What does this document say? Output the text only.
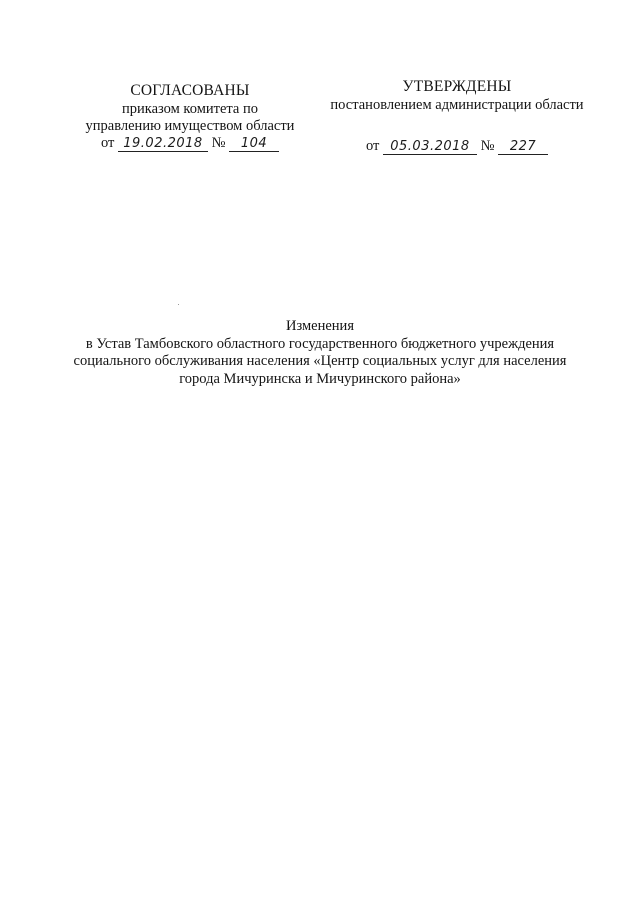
СОГЛАСОВАНЫ
приказом комитета по
управлению имуществом области
от 19.02.2018 № 104
УТВЕРЖДЕНЫ
постановлением администрации области
от 05.03.2018 № 227
Изменения
в Устав Тамбовского областного государственного бюджетного учреждения
социального обслуживания населения «Центр социальных услуг для населения
города Мичуринска и Мичуринского района»
